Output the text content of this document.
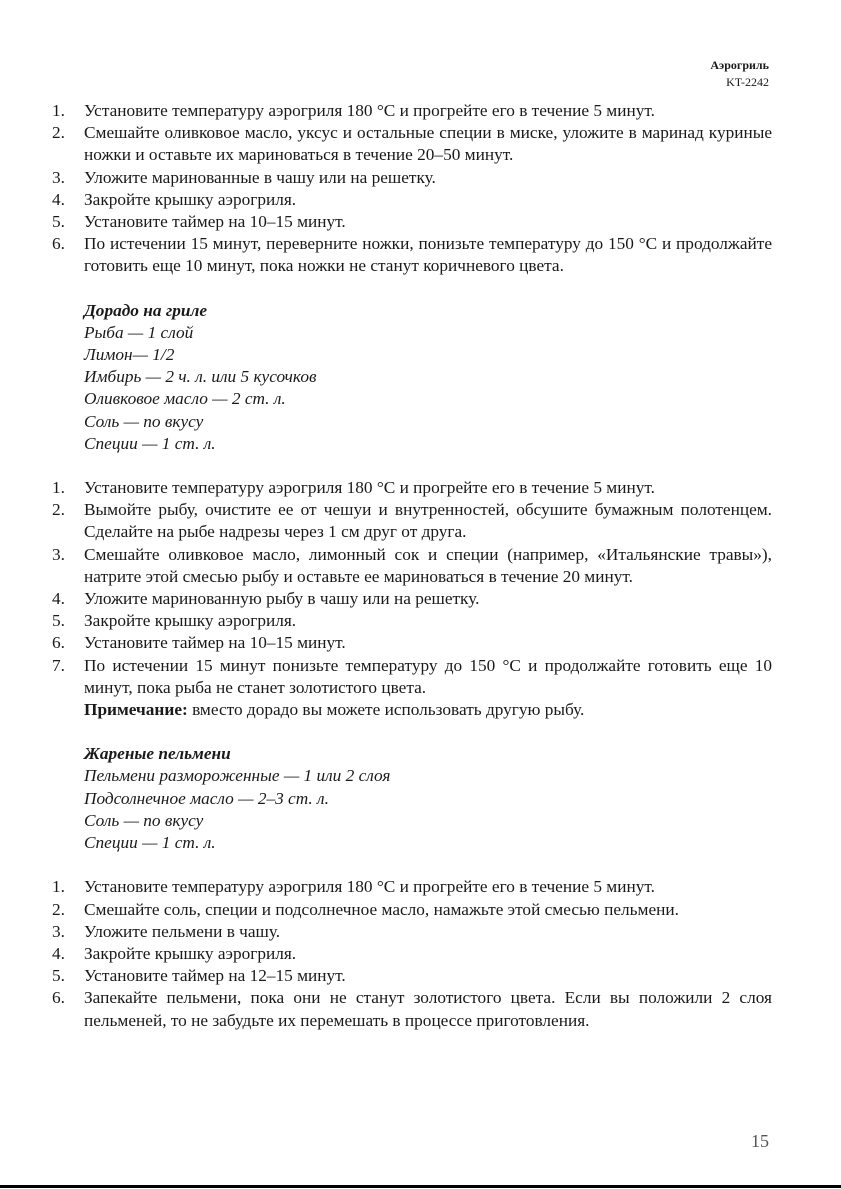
Аэрогриль
KT-2242
1. Установите температуру аэрогриля 180 °С и прогрейте его в течение 5 минут.
2. Смешайте оливковое масло, уксус и остальные специи в миске, уложите в маринад куриные ножки и оставьте их мариноваться в течение 20–50 минут.
3. Уложите маринованные в чашу или на решетку.
4. Закройте крышку аэрогриля.
5. Установите таймер на 10–15 минут.
6. По истечении 15 минут, переверните ножки, понизьте температуру до 150 °С и продолжайте готовить еще 10 минут, пока ножки не станут коричневого цвета.
Дорадо на гриле
Рыба — 1 слой
Лимон— 1/2
Имбирь — 2 ч. л. или 5 кусочков
Оливковое масло — 2 ст. л.
Соль — по вкусу
Специи — 1 ст. л.
1. Установите температуру аэрогриля 180 °С и прогрейте его в течение 5 минут.
2. Вымойте рыбу, очистите ее от чешуи и внутренностей, обсушите бумажным полотенцем. Сделайте на рыбе надрезы через 1 см друг от друга.
3. Смешайте оливковое масло, лимонный сок и специи (например, «Итальянские травы»), натрите этой смесью рыбу и оставьте ее мариноваться в течение 20 минут.
4. Уложите маринованную рыбу в чашу или на решетку.
5. Закройте крышку аэрогриля.
6. Установите таймер на 10–15 минут.
7. По истечении 15 минут понизьте температуру до 150 °С и продолжайте готовить еще 10 минут, пока рыба не станет золотистого цвета.
Примечание: вместо дорадо вы можете использовать другую рыбу.
Жареные пельмени
Пельмени размороженные — 1 или 2 слоя
Подсолнечное масло — 2–3 ст. л.
Соль — по вкусу
Специи — 1 ст. л.
1. Установите температуру аэрогриля 180 °С и прогрейте его в течение 5 минут.
2. Смешайте соль, специи и подсолнечное масло, намажьте этой смесью пельмени.
3. Уложите пельмени в чашу.
4. Закройте крышку аэрогриля.
5. Установите таймер на 12–15 минут.
6. Запекайте пельмени, пока они не станут золотистого цвета. Если вы положили 2 слоя пельменей, то не забудьте их перемешать в процессе приготовления.
15
